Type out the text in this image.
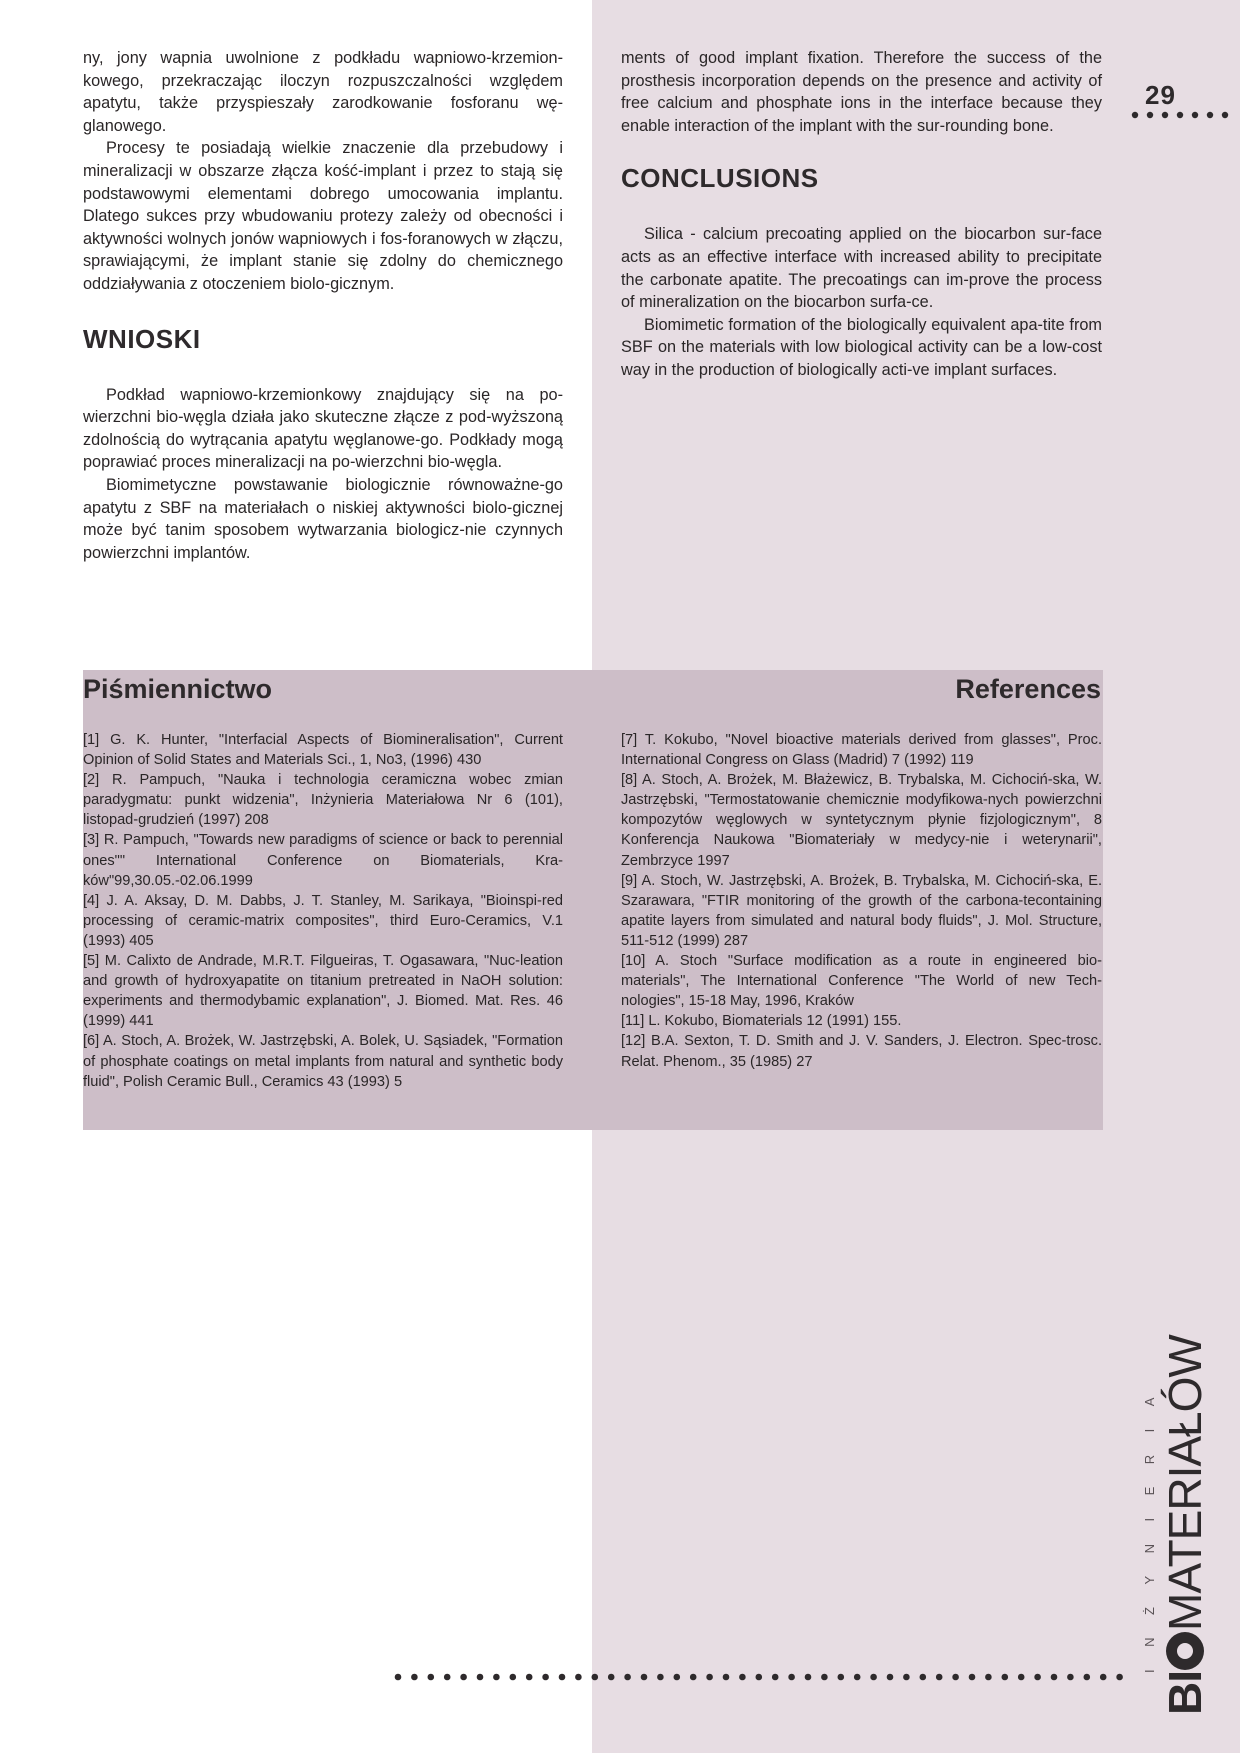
ny, jony wapnia uwolnione z podkładu wapniowo-krzemion-kowego, przekraczając iloczyn rozpuszczalności względem apatytu, także przyspieszały zarodkowanie fosforanu wę-glanowego.

Procesy te posiadają wielkie znaczenie dla przebudowy i mineralizacji w obszarze złącza kość-implant i przez to stają się podstawowymi elementami dobrego umocowania implantu. Dlatego sukces przy wbudowaniu protezy zależy od obecności i aktywności wolnych jonów wapniowych i fos-foranowych w złączu, sprawiającymi, że implant stanie się zdolny do chemicznego oddziaływania z otoczeniem biolo-gicznym.

WNIOSKI

Podkład wapniowo-krzemionkowy znajdujący się na po-wierzchni bio-węgla działa jako skuteczne złącze z pod-wyższoną zdolnością do wytrącania apatytu węglanowe-go. Podkłady mogą poprawiać proces mineralizacji na po-wierzchni bio-węgla.

Biomimetyczne powstawanie biologicznie równoważne-go apatytu z SBF na materiałach o niskiej aktywności biolo-gicznej może być tanim sposobem wytwarzania biologicz-nie czynnych powierzchni implantów.

ments of good implant fixation. Therefore the success of the prosthesis incorporation depends on the presence and activity of free calcium and phosphate ions in the interface because they enable interaction of the implant with the sur-rounding bone.

CONCLUSIONS

Silica - calcium precoating applied on the biocarbon sur-face acts as an effective interface with increased ability to precipitate the carbonate apatite. The precoatings can im-prove the process of mineralization on the biocarbon surfa-ce.

Biomimetic formation of the biologically equivalent apa-tite from SBF on the materials with low biological activity can be a low-cost way in the production of biologically acti-ve implant surfaces.

29
Piśmiennictwo	References
[1] G. K. Hunter, "Interfacial Aspects of Biomineralisation", Current Opinion of Solid States and Materials Sci., 1, No3, (1996) 430
[2] R. Pampuch, "Nauka i technologia ceramiczna wobec zmian paradygmatu: punkt widzenia", Inżynieria Materiałowa Nr 6 (101), listopad-grudzień (1997) 208
[3] R. Pampuch, "Towards new paradigms of science or back to perennial ones"" International Conference on Biomaterials, Kra-ków"99,30.05.-02.06.1999
[4] J. A. Aksay, D. M. Dabbs, J. T. Stanley, M. Sarikaya, "Bioinspi-red processing of ceramic-matrix composites", third Euro-Ceramics, V.1 (1993) 405
[5] M. Calixto de Andrade, M.R.T. Filgueiras, T. Ogasawara, "Nuc-leation and growth of hydroxyapatite on titanium pretreated in NaOH solution: experiments and thermodybamic explanation", J. Biomed. Mat. Res. 46 (1999) 441
[6] A. Stoch, A. Brożek, W. Jastrzębski, A. Bolek, U. Sąsiadek, "Formation of phosphate coatings on metal implants from natural and synthetic body fluid", Polish Ceramic Bull., Ceramics 43 (1993) 5
[7] T. Kokubo, "Novel bioactive materials derived from glasses", Proc. International Congress on Glass (Madrid) 7 (1992) 119
[8] A. Stoch, A. Brożek, M. Błażewicz, B. Trybalska, M. Cichociń-ska, W. Jastrzębski, "Termostatowanie chemicznie modyfikowa-nych powierzchni kompozytów węglowych w syntetycznym płynie fizjologicznym", 8 Konferencja Naukowa "Biomateriały w medycy-nie i weterynarii", Zembrzyce 1997
[9] A. Stoch, W. Jastrzębski, A. Brożek, B. Trybalska, M. Cichociń-ska, E. Szarawara, "FTIR monitoring of the growth of the carbona-tecontaining apatite layers from simulated and natural body fluids", J. Mol. Structure, 511-512 (1999) 287
[10] A. Stoch "Surface modification as a route in engineered bio-materials", The International Conference "The World of new Tech-nologies", 15-18 May, 1996, Kraków
[11] L. Kokubo, Biomaterials 12 (1991) 155.
[12] B.A. Sexton, T. D. Smith and J. V. Sanders, J. Electron. Spec-trosc. Relat. Phenom., 35 (1985) 27
INŻYNIERIA
BIMATERIAŁÓW
